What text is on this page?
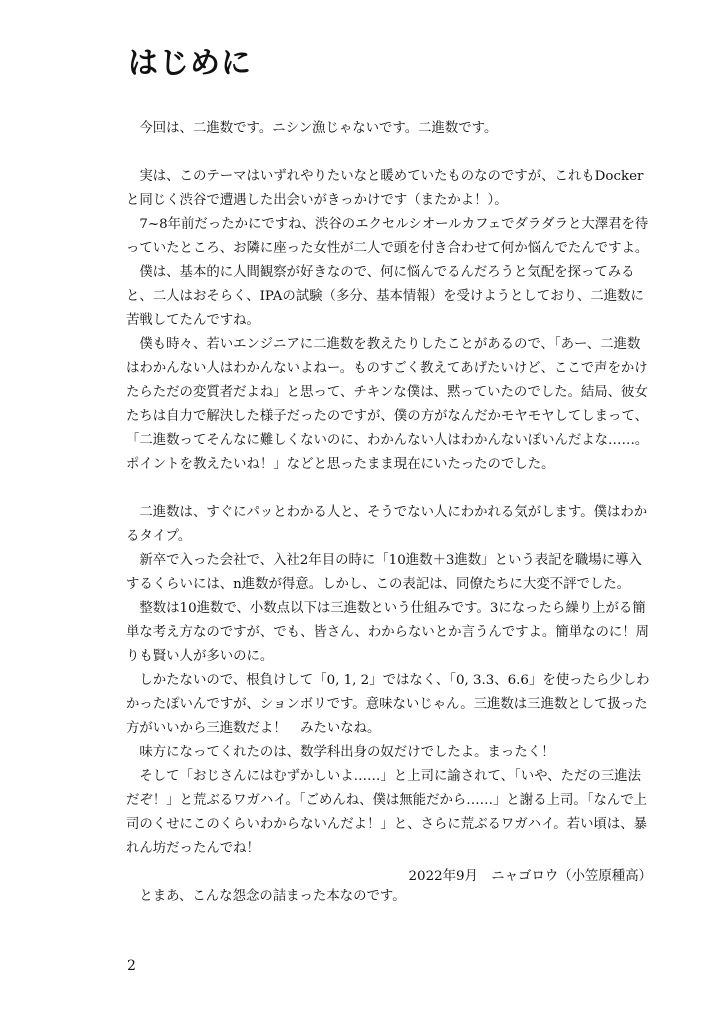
はじめに

今回は、二進数です。ニシン漁じゃないです。二進数です。

実は、このテーマはいずれやりたいなと暖めていたものなのですが、これもDockerと同じく渋谷で遭遇した出会いがきっかけです（またかよ！）。

7~8年前だったかにですね、渋谷のエクセルシオールカフェでダラダラと大澤君を待っていたところ、お隣に座った女性が二人で頭を付き合わせて何か悩んでたんですよ。

僕は、基本的に人間観察が好きなので、何に悩んでるんだろうと気配を探ってみると、二人はおそらく、IPAの試験（多分、基本情報）を受けようとしており、二進数に苦戦してたんですね。

僕も時々、若いエンジニアに二進数を教えたりしたことがあるので、「あー、二進数はわかんない人はわかんないよねー。ものすごく教えてあげたいけど、ここで声をかけたらただの変質者だよね」と思って、チキンな僕は、黙っていたのでした。結局、彼女たちは自力で解決した様子だったのですが、僕の方がなんだかモヤモヤしてしまって、「二進数ってそんなに難しくないのに、わかんない人はわかんないぽいんだよな……。ポイントを教えたいね！」などと思ったまま現在にいたったのでした。

二進数は、すぐにパッとわかる人と、そうでない人にわかれる気がします。僕はわかるタイプ。

新卒で入った会社で、入社2年目の時に「10進数＋3進数」という表記を職場に導入するくらいには、n進数が得意。しかし、この表記は、同僚たちに大変不評でした。

整数は10進数で、小数点以下は三進数という仕組みです。3になったら繰り上がる簡単な考え方なのですが、でも、皆さん、わからないとか言うんですよ。簡単なのに！周りも賢い人が多いのに。

しかたないので、根負けして「0, 1, 2」ではなく、「0, 3.3、6.6」を使ったら少しわかったぽいんですが、ションボリです。意味ないじゃん。三進数は三進数として扱った方がいいから三進数だよ！　みたいなね。

味方になってくれたのは、数学科出身の奴だけでしたよ。まったく！

そして「おじさんにはむずかしいよ……」と上司に諭されて、「いや、ただの三進法だぞ！」と荒ぶるワガハイ。「ごめんね、僕は無能だから……」と謝る上司。「なんで上司のくせにこのくらいわからないんだよ！」と、さらに荒ぶるワガハイ。若い頃は、暴れん坊だったんでね！

とまあ、こんな怨念の詰まった本なのです。

2022年9月　ニャゴロウ（小笠原種高）

2
